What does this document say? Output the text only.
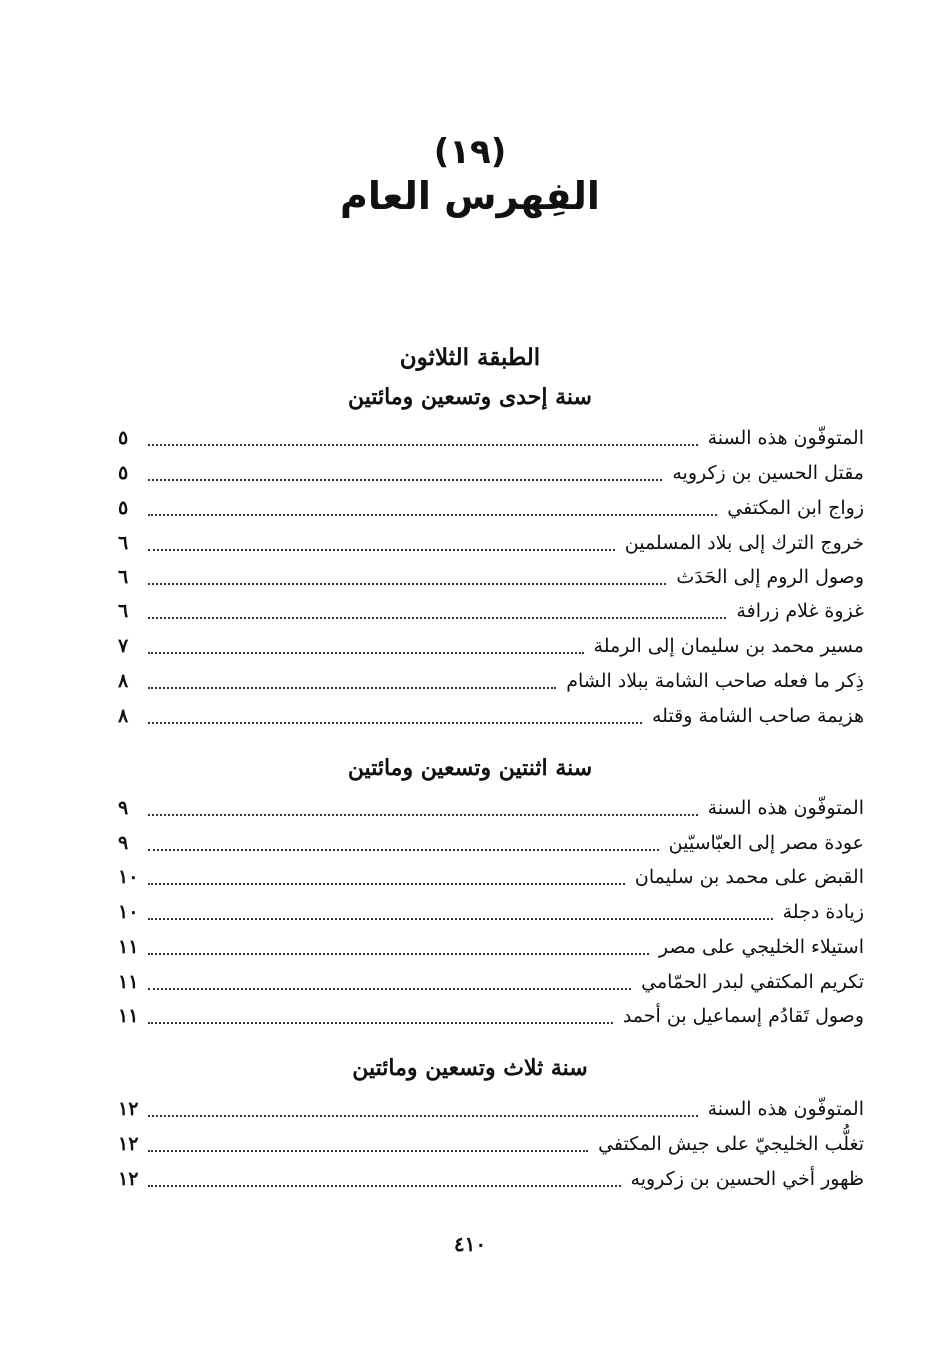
(١٩)
الفِهرس العام
الطبقة الثلاثون
سنة إحدى وتسعين ومائتين
المتوفّون هذه السنة
٥
مقتل الحسين بن زكرويه
٥
زواج ابن المكتفي
٥
خروج الترك إلى بلاد المسلمين
٦
وصول الروم إلى الحَدَث
٦
غزوة غلام زرافة
٦
مسير محمد بن سليمان إلى الرملة
٧
ذِكر ما فعله صاحب الشامة ببلاد الشام
٨
هزيمة صاحب الشامة وقتله
٨
سنة اثنتين وتسعين ومائتين
المتوفّون هذه السنة
٩
عودة مصر إلى العبّاسيّين
٩
القبض على محمد بن سليمان
١٠
زيادة دجلة
١٠
استيلاء الخليجي على مصر
١١
تكريم المكتفي لبدر الحمّامي
١١
وصول تَقادُم إسماعيل بن أحمد
١١
سنة ثلاث وتسعين ومائتين
المتوفّون هذه السنة
١٢
تغلُّب الخليجيّ على جيش المكتفي
١٢
ظهور أخي الحسين بن زكرويه
١٢
٤١٠
